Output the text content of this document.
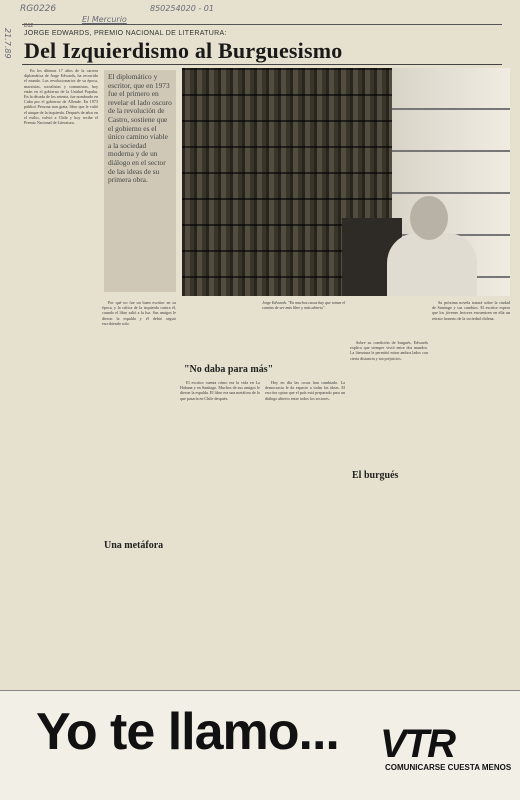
RG0226	850254020 - 01
El Mercurio
21.7.89
D12
JORGE EDWARDS, PREMIO NACIONAL DE LITERATURA:
Del Izquierdismo al Burguesismo

En los últimos 17 años de la carrera diplomática de Jorge Edwards, ha recorrido el mundo. Los revolucionarios de su época, marxistas, socialistas y comunistas, hoy están en el gobierno de la Unidad Popular. En la década de los setenta, fue nombrado en Cuba por el gobierno de Allende. En 1973 publicó Persona non grata, libro que le valió el ataque de la izquierda. Después de años en el exilio, volvió a Chile y hoy recibe el Premio Nacional de Literatura.

El diplomático y escritor, que en 1973 fue el primero en revelar el lado oscuro de la revolución de Castro, sostiene que el gobierno es el único camino viable a la sociedad moderna y de un diálogo en el sector de las ideas de su primera obra.
Jorge Edwards. "En muchos casos hay que tomar el camino de ser más libre y más abierto".

Por qué no fue un buen escritor en su época, y la crítica de la izquierda contra él, cuando el libro salió a la luz. Sus amigos le dieron la espalda y él debió seguir escribiendo solo.

"No daba para más"

El escritor cuenta cómo era la vida en La Habana y en Santiago. Muchos de sus amigos le dieron la espalda. El libro era una metáfora de lo que pasaría en Chile después.

Hoy en día las cosas han cambiado. La democracia le da espacio a todas las ideas. El escritor opina que el país está preparado para un diálogo abierto entre todos los sectores.

Una metáfora
El burgués

Sobre su condición de burgués, Edwards explica que siempre vivió entre dos mundos. La literatura le permitió mirar ambos lados con cierta distancia y sin prejuicios.

Su próxima novela tratará sobre la ciudad de Santiago y sus cambios. El escritor espera que los jóvenes lectores encuentren en ella un retrato honesto de la sociedad chilena.

Yo te llamo... VTR
COMUNICARSE CUESTA MENOS
